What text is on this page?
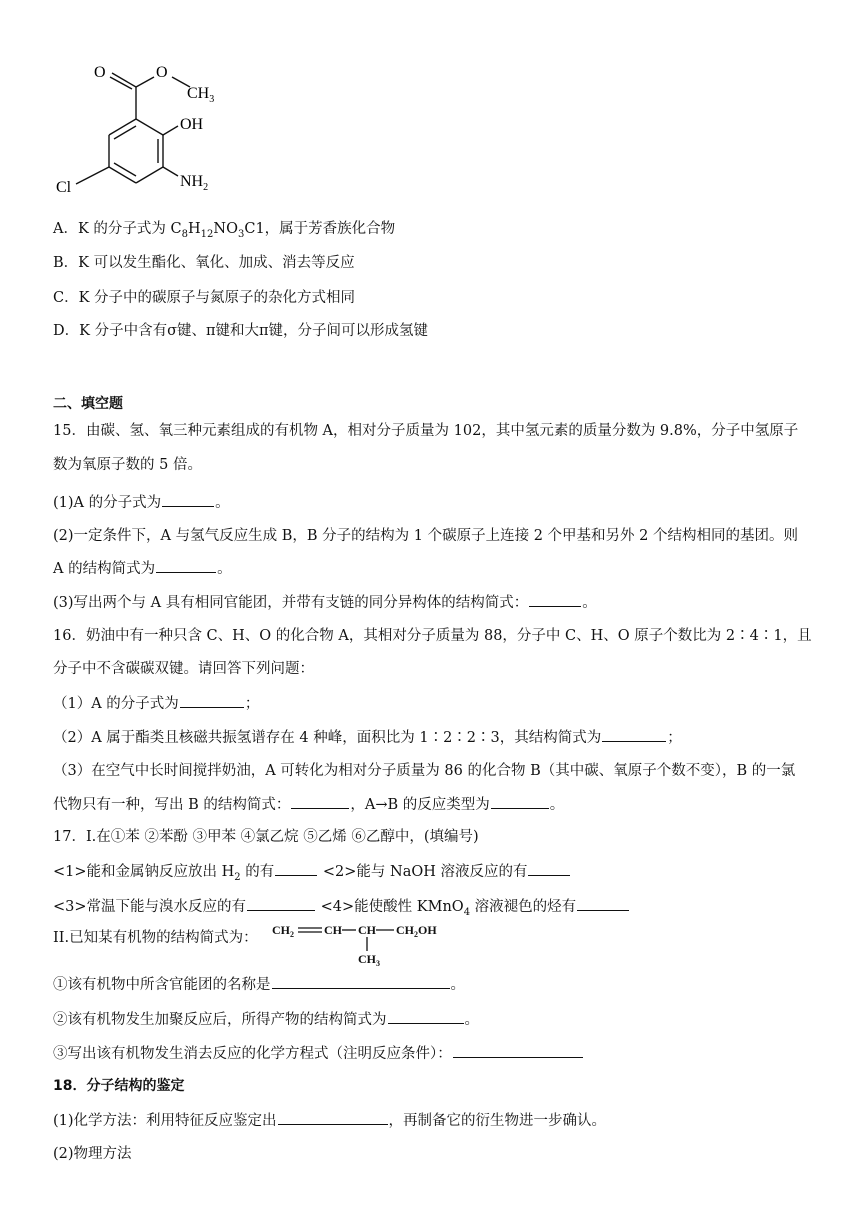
O	O
$CH_3$
OH
$NH_2$
Cl
A．K 的分子式为 $C_8H_{12}NO_3C1$，属于芳香族化合物
B．K 可以发生酯化、氧化、加成、消去等反应
C．K 分子中的碳原子与氮原子的杂化方式相同
D．K 分子中含有σ键、π键和大π键，分子间可以形成氢键
二、填空题
15．由碳、氢、氧三种元素组成的有机物 A，相对分子质量为 102，其中氢元素的质量分数为 9.8%，分子中氢原子
数为氧原子数的 5 倍。
(1)A 的分子式为	。
(2)一定条件下，A 与氢气反应生成 B，B 分子的结构为 1 个碳原子上连接 2 个甲基和另外 2 个结构相同的基团。则
A 的结构简式为	。
(3)写出两个与 A 具有相同官能团，并带有支链的同分异构体的结构简式：	。
16．奶油中有一种只含 C、H、O 的化合物 A，其相对分子质量为 88，分子中 C、H、O 原子个数比为 2∶4∶1，且
分子中不含碳碳双键。请回答下列问题：
（1）A 的分子式为	；
（2）A 属于酯类且核磁共振氢谱存在 4 种峰，面积比为 1∶2∶2∶3，其结构简式为	；
（3）在空气中长时间搅拌奶油，A 可转化为相对分子质量为 86 的化合物 B（其中碳、氧原子个数不变），B 的一氯
代物只有一种，写出 B 的结构简式：	，A→B 的反应类型为	。
17．I.在①苯 ②苯酚 ③甲苯 ④氯乙烷 ⑤乙烯 ⑥乙醇中，(填编号)
<1>能和金属钠反应放出 $H_2$ 的有	<2>能与 NaOH 溶液反应的有
<3>常温下能与溴水反应的有	<4>能使酸性 KMnO$_4$ 溶液褪色的烃有
II.已知某有机物的结构简式为： $CH_2$	CH CH $CH_2OH$
$CH_3$
①该有机物中所含官能团的名称是	。
②该有机物发生加聚反应后，所得产物的结构简式为	。
③写出该有机物发生消去反应的化学方程式（注明反应条件）：
18．分子结构的鉴定
(1)化学方法：利用特征反应鉴定出	，再制备它的衍生物进一步确认。
(2)物理方法
